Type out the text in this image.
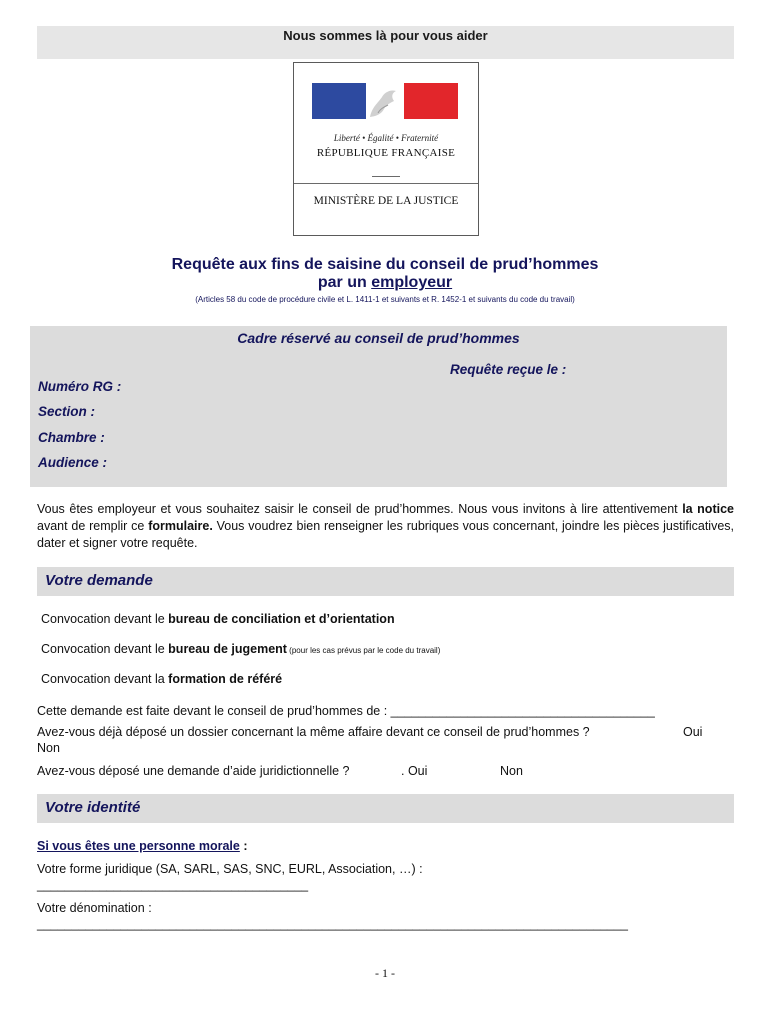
Nous sommes là pour vous aider
Liberté • Égalité • Fraternité
RÉPUBLIQUE FRANÇAISE
MINISTÈRE DE LA JUSTICE
Requête aux fins de saisine du conseil de prud’hommes
par un employeur
(Articles 58 du code de procédure civile et L. 1411-1 et suivants et R. 1452-1 et suivants du code du travail)
Cadre réservé au conseil de prud’hommes
Requête reçue le :
Numéro RG :
Section :
Chambre :
Audience :
Vous êtes employeur et vous souhaitez saisir le conseil de prud’hommes. Nous vous invitons à lire attentivement la notice avant de remplir ce formulaire. Vous voudrez bien renseigner les rubriques vous concernant, joindre les pièces justificatives, dater et signer votre requête.
Votre demande
Convocation devant le bureau de conciliation et d’orientation
Convocation devant le bureau de jugement (pour les cas prévus par le code du travail)
Convocation devant la formation de référé
Cette demande est faite devant le conseil de prud’hommes de : ______________________________________
Avez-vous déjà déposé un dossier concernant la même affaire devant ce conseil de prud’hommes ?	Oui
Non
Avez-vous déposé une demande d’aide juridictionnelle ?	. Oui	Non
Votre identité
Si vous êtes une personne morale :
Votre forme juridique (SA, SARL, SAS, SNC, EURL, Association, …) :
_______________________________________
Votre dénomination :
_____________________________________________________________________________________
- 1 -
